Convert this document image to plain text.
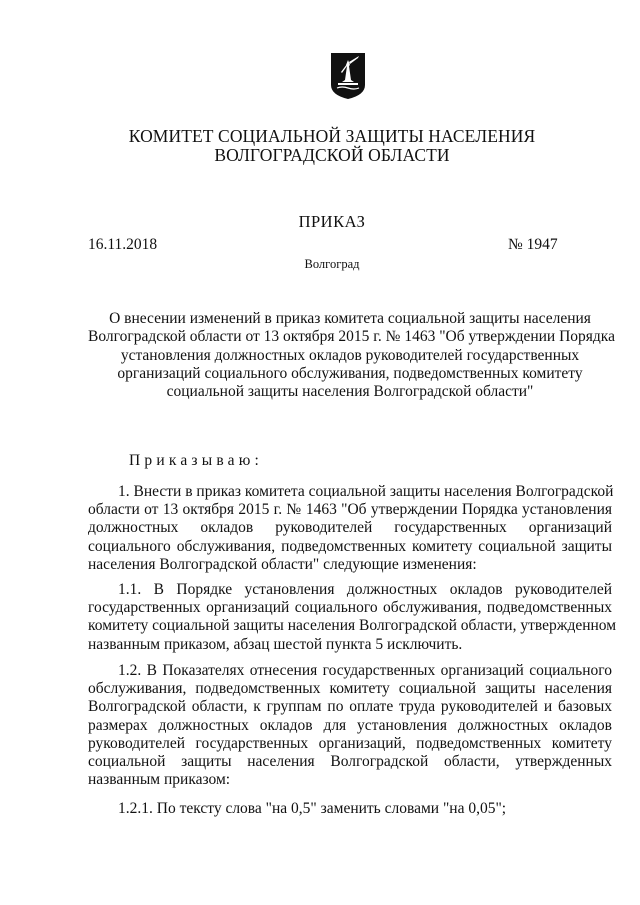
КОМИТЕТ СОЦИАЛЬНОЙ ЗАЩИТЫ НАСЕЛЕНИЯ
ВОЛГОГРАДСКОЙ ОБЛАСТИ
ПРИКАЗ
16.11.2018	№ 1947
Волгоград
О внесении изменений в приказ комитета социальной защиты населения
Волгоградской области от 13 октября 2015 г. № 1463 "Об утверждении Порядка
установления должностных окладов руководителей государственных
организаций социального обслуживания, подведомственных комитету
социальной защиты населения Волгоградской области"
Приказываю:
1. Внести в приказ комитета социальной защиты населения Волгоградской
области от 13 октября 2015 г. № 1463 "Об утверждении Порядка установления
должностных окладов руководителей государственных организаций
социального обслуживания, подведомственных комитету социальной защиты
населения Волгоградской области" следующие изменения:
1.1. В Порядке установления должностных окладов руководителей
государственных организаций социального обслуживания, подведомственных
комитету социальной защиты населения Волгоградской области, утвержденном
названным приказом, абзац шестой пункта 5 исключить.
1.2. В Показателях отнесения государственных организаций социального
обслуживания, подведомственных комитету социальной защиты населения
Волгоградской области, к группам по оплате труда руководителей и базовых
размерах должностных окладов для установления должностных окладов
руководителей государственных организаций, подведомственных комитету
социальной защиты населения Волгоградской области, утвержденных
названным приказом:
1.2.1. По тексту слова "на 0,5" заменить словами "на 0,05";
